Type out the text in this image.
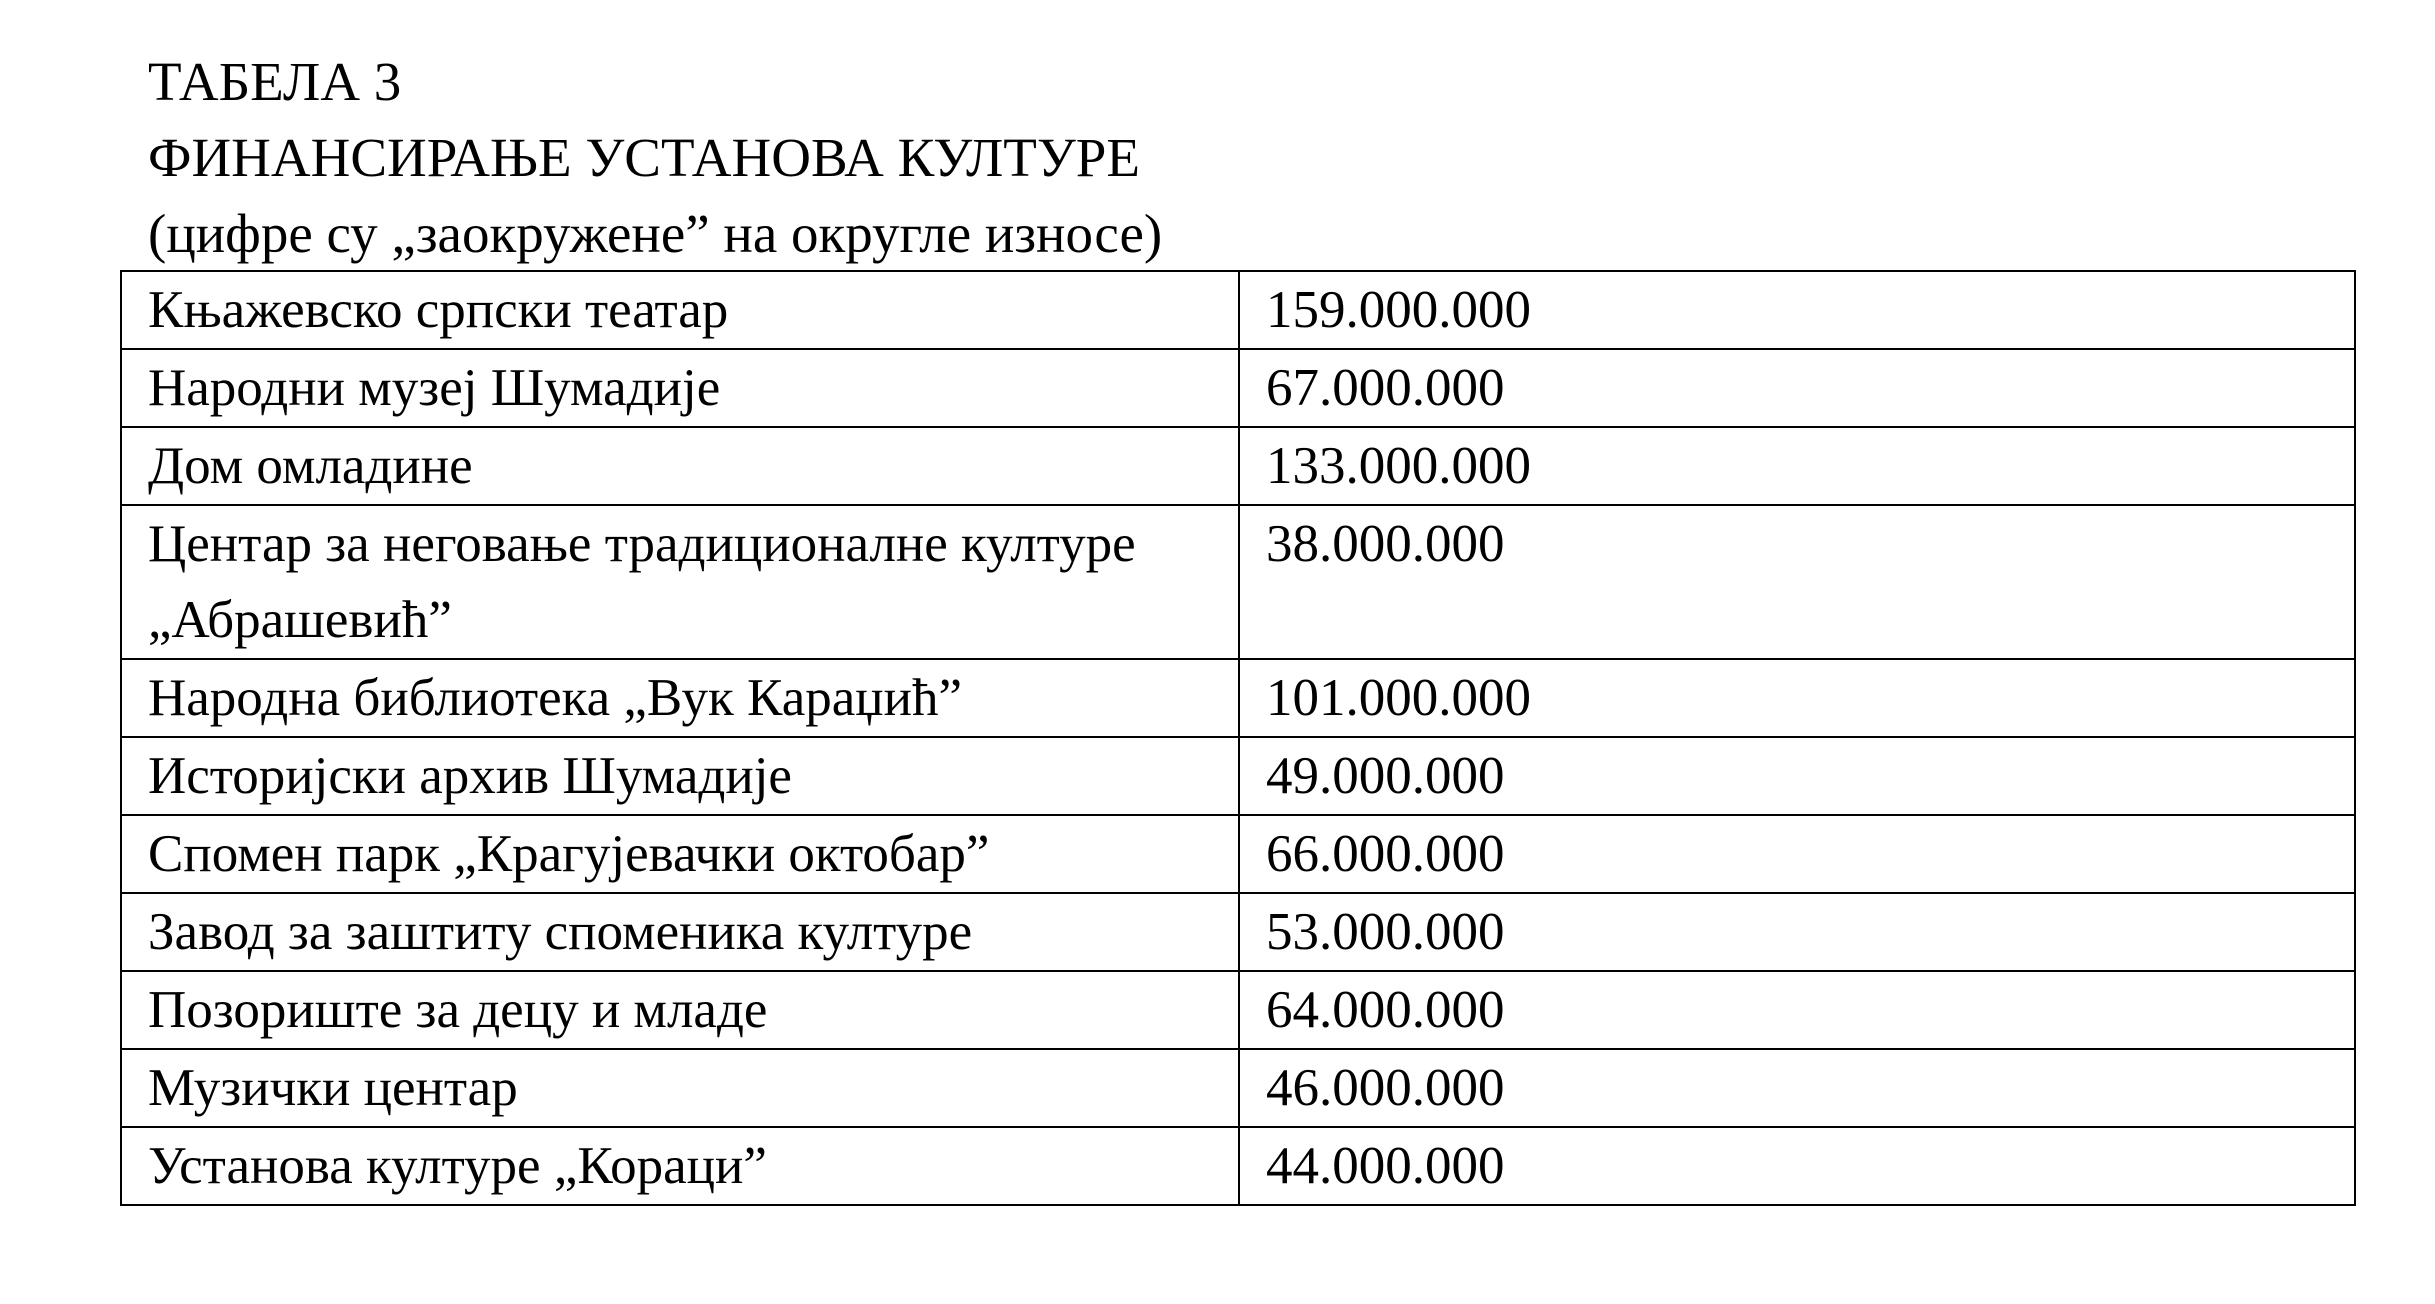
ТАБЕЛА 3
ФИНАНСИРАЊЕ УСТАНОВА КУЛТУРЕ
(цифре су „заокружене” на округле износе)
Књажевско српски театар	159.000.000

Народни музеј Шумадије	67.000.000

Дом омладине	133.000.000

Центар за неговање традиционалне културе
„Абрашевић”	38.000.000

Народна библиотека „Вук Караџић”	101.000.000

Историјски архив Шумадије	49.000.000

Спомен парк „Крагујевачки октобар”	66.000.000

Завод за заштиту споменика културе	53.000.000

Позориште за децу и младе	64.000.000

Музички центар	46.000.000

Установа културе „Кораци”	44.000.000
